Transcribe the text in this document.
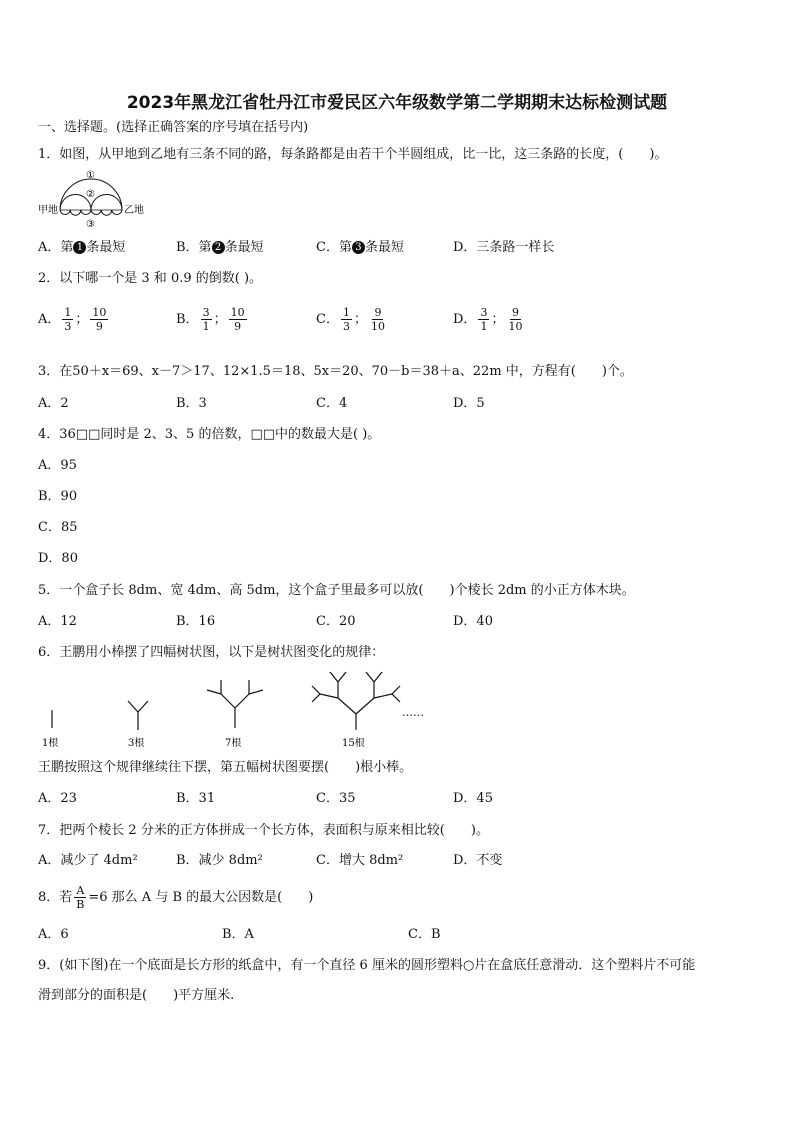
2023年黑龙江省牡丹江市爱民区六年级数学第二学期期末达标检测试题
一、选择题。(选择正确答案的序号填在括号内)
1．如图，从甲地到乙地有三条不同的路，每条路都是由若干个半圆组成，比一比，这三条路的长度，(　　)。
甲地	乙地
①
②
③
A．第 1 条最短	B．第 2 条最短	C．第 3 条最短	D．三条路一样长
2．以下哪一个是 3 和 0.9 的倒数( )。
A． $\frac{1}{3}$ ； $\frac{10}{9}$	B． $\frac{3}{1}$ ； $\frac{10}{9}$	C． $\frac{1}{3}$ ； $\frac{9}{10}$	D． $\frac{3}{1}$ ； $\frac{9}{10}$
3．在50＋x＝69、x－7＞17、12×1.5＝18、5x＝20、70－b＝38＋a、22m 中，方程有(　　)个。
A．2	B．3	C．4	D．5
4．36□□同时是 2、3、5 的倍数，□□中的数最大是( )。
A．95
B．90
C．85
D．80
5．一个盒子长 8dm、宽 4dm、高 5dm，这个盒子里最多可以放(　　)个棱长 2dm 的小正方体木块。
A．12	B．16	C．20	D．40
6．王鹏用小棒摆了四幅树状图，以下是树状图变化的规律：
1根	3根	7根	15根
……
王鹏按照这个规律继续往下摆，第五幅树状图要摆(　　)根小棒。
A．23	B．31	C．35	D．45
7．把两个棱长 2 分米的正方体拼成一个长方体，表面积与原来相比较(　　)。
A．减少了 4dm²	B．减少 8dm²	C．增大 8dm²	D．不变
8．若 $\frac{A}{B} =6$ 那么 A 与 B 的最大公因数是(　　)
A．6	B．A	C．B
9．(如下图)在一个底面是长方形的纸盒中，有一个直径 6 厘米的圆形塑料○片在盒底任意滑动．这个塑料片不可能
滑到部分的面积是(　　)平方厘米.
